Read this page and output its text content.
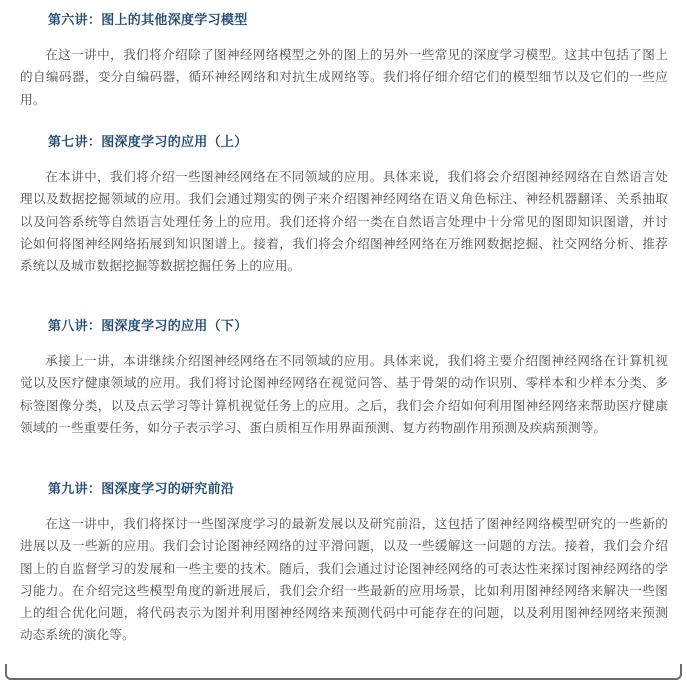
第六讲：图上的其他深度学习模型

在这一讲中，我们将介绍除了图神经网络模型之外的图上的另外一些常见的深度学习模型。这其中包括了图上的自编码器，变分自编码器，循环神经网络和对抗生成网络等。我们将仔细介绍它们的模型细节以及它们的一些应用。

第七讲：图深度学习的应用（上）

在本讲中，我们将介绍一些图神经网络在不同领域的应用。具体来说，我们将会介绍图神经网络在自然语言处理以及数据挖掘领域的应用。我们会通过翔实的例子来介绍图神经网络在语义角色标注、神经机器翻译、关系抽取以及问答系统等自然语言处理任务上的应用。我们还将介绍一类在自然语言处理中十分常见的图即知识图谱，并讨论如何将图神经网络拓展到知识图谱上。接着，我们将会介绍图神经网络在万维网数据挖掘、社交网络分析、推荐系统以及城市数据挖掘等数据挖掘任务上的应用。

第八讲：图深度学习的应用（下）

承接上一讲，本讲继续介绍图神经网络在不同领域的应用。具体来说，我们将主要介绍图神经网络在计算机视觉以及医疗健康领域的应用。我们将讨论图神经网络在视觉问答、基于骨架的动作识别、零样本和少样本分类、多标签图像分类，以及点云学习等计算机视觉任务上的应用。之后，我们会介绍如何利用图神经网络来帮助医疗健康领域的一些重要任务，如分子表示学习、蛋白质相互作用界面预测、复方药物副作用预测及疾病预测等。

第九讲：图深度学习的研究前沿

在这一讲中，我们将探讨一些图深度学习的最新发展以及研究前沿，这包括了图神经网络模型研究的一些新的进展以及一些新的应用。我们会讨论图神经网络的过平滑问题，以及一些缓解这一问题的方法。接着，我们会介绍图上的自监督学习的发展和一些主要的技术。随后，我们会通过讨论图神经网络的可表达性来探讨图神经网络的学习能力。在介绍完这些模型角度的新进展后，我们会介绍一些最新的应用场景，比如利用图神经网络来解决一些图上的组合优化问题，将代码表示为图并利用图神经网络来预测代码中可能存在的问题，以及利用图神经网络来预测动态系统的演化等。
